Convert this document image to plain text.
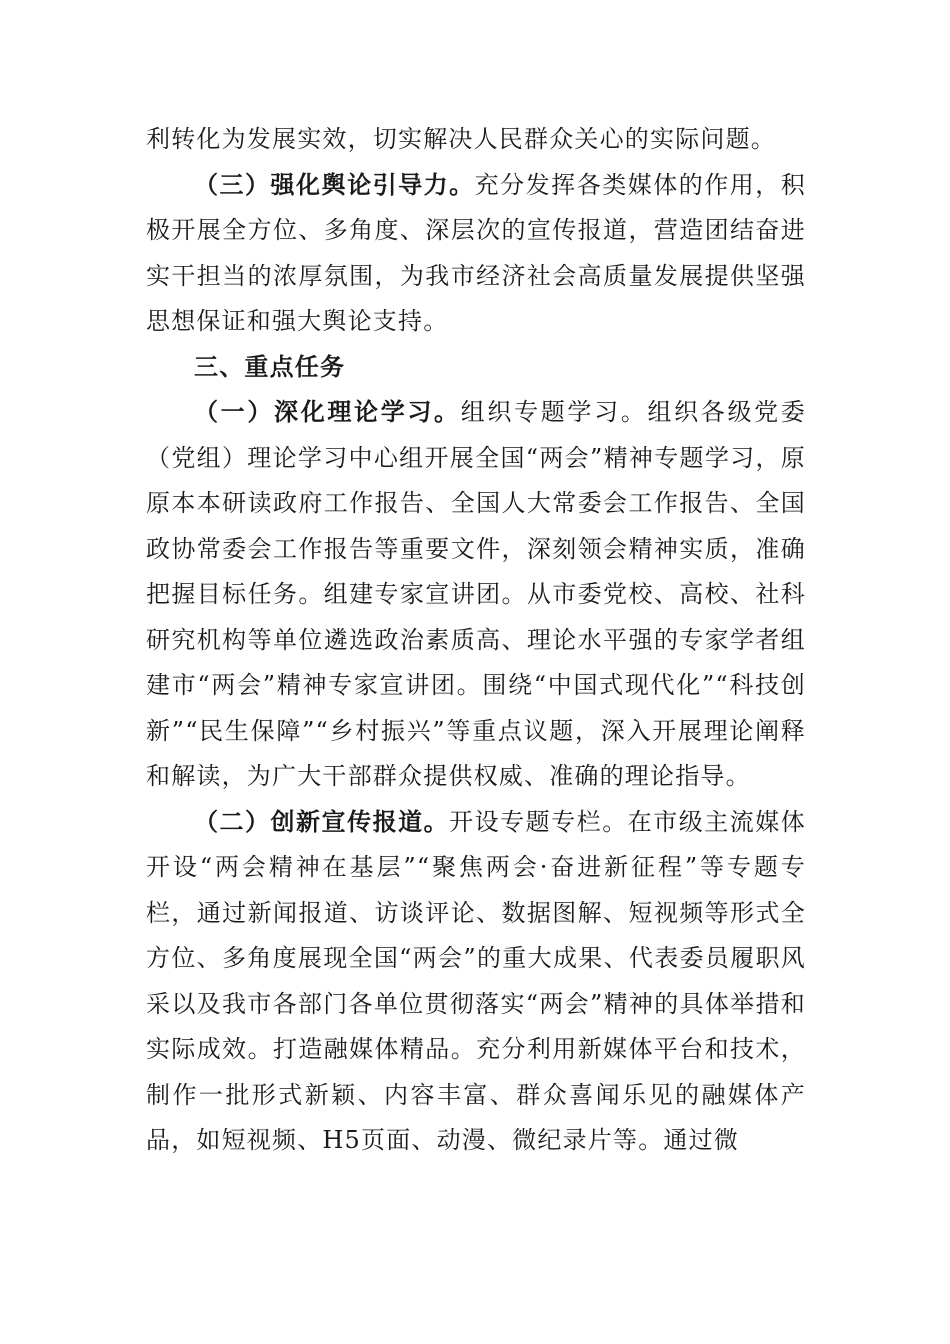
利转化为发展实效，切实解决人民群众关心的实际问题。

（三）强化舆论引导力。充分发挥各类媒体的作用，积极开展全方位、多角度、深层次的宣传报道，营造团结奋进实干担当的浓厚氛围，为我市经济社会高质量发展提供坚强思想保证和强大舆论支持。

三、重点任务

（一）深化理论学习。组织专题学习。组织各级党委（党组）理论学习中心组开展全国“两会”精神专题学习，原原本本研读政府工作报告、全国人大常委会工作报告、全国政协常委会工作报告等重要文件，深刻领会精神实质，准确把握目标任务。组建专家宣讲团。从市委党校、高校、社科研究机构等单位遴选政治素质高、理论水平强的专家学者组建市“两会”精神专家宣讲团。围绕“中国式现代化”“科技创新”“民生保障”“乡村振兴”等重点议题，深入开展理论阐释和解读，为广大干部群众提供权威、准确的理论指导。

（二）创新宣传报道。开设专题专栏。在市级主流媒体开设“两会精神在基层”“聚焦两会·奋进新征程”等专题专栏，通过新闻报道、访谈评论、数据图解、短视频等形式全方位、多角度展现全国“两会”的重大成果、代表委员履职风采以及我市各部门各单位贯彻落实“两会”精神的具体举措和实际成效。打造融媒体精品。充分利用新媒体平台和技术，制作一批形式新颖、内容丰富、群众喜闻乐见的融媒体产品，如短视频、H5页面、动漫、微纪录片等。通过微
